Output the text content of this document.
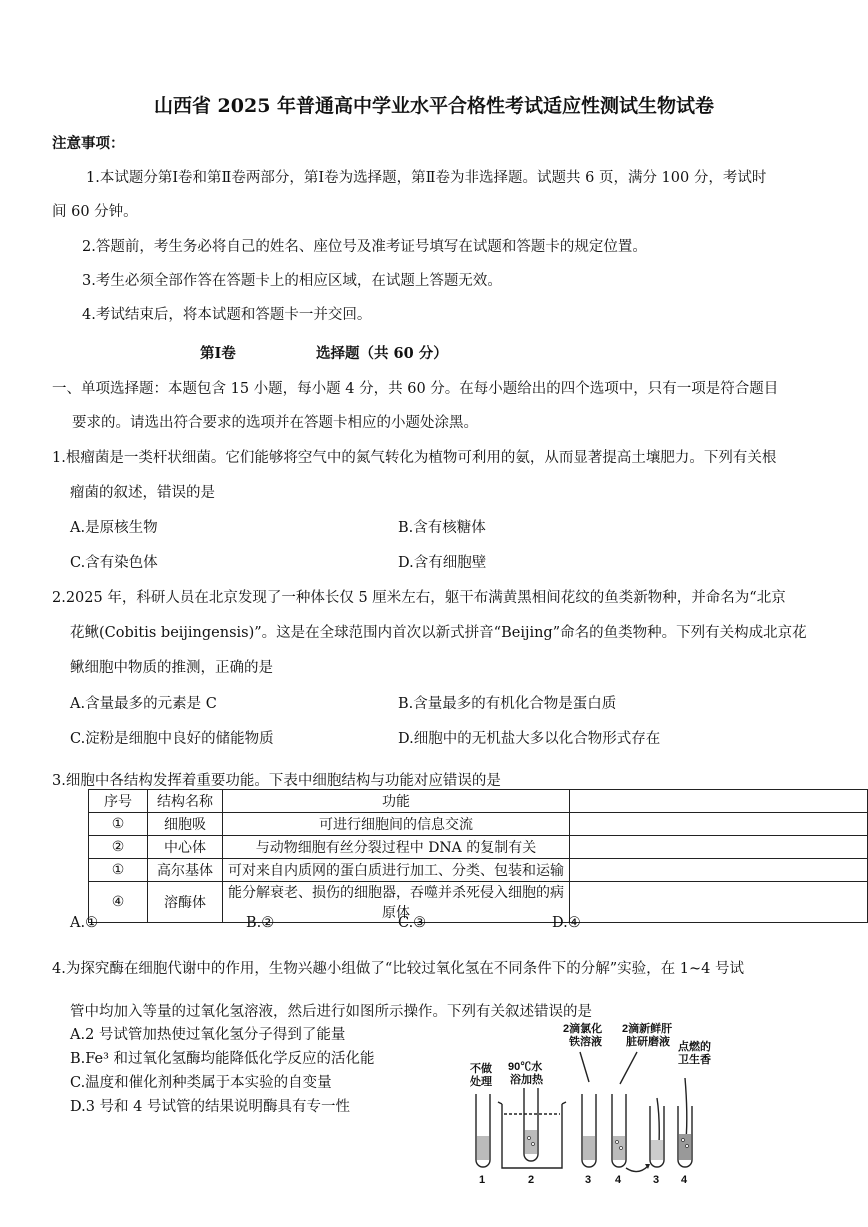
山西省 2025 年普通高中学业水平合格性考试适应性测试生物试卷
注意事项：
1.本试题分第Ⅰ卷和第Ⅱ卷两部分，第Ⅰ卷为选择题，第Ⅱ卷为非选择题。试题共 6 页，满分 100 分，考试时
间 60 分钟。
2.答题前，考生务必将自己的姓名、座位号及准考证号填写在试题和答题卡的规定位置。
3.考生必须全部作答在答题卡上的相应区域，在试题上答题无效。
4.考试结束后，将本试题和答题卡一并交回。
第Ⅰ卷	选择题（共 60 分）
一、单项选择题：本题包含 15 小题，每小题 4 分，共 60 分。在每小题给出的四个选项中，只有一项是符合题目
要求的。请选出符合要求的选项并在答题卡相应的小题处涂黑。
1.根瘤菌是一类杆状细菌。它们能够将空气中的氮气转化为植物可利用的氨，从而显著提高土壤肥力。下列有关根
瘤菌的叙述，错误的是
A.是原核生物	B.含有核糖体
C.含有染色体	D.含有细胞壁
2.2025 年，科研人员在北京发现了一种体长仅 5 厘米左右，躯干布满黄黑相间花纹的鱼类新物种，并命名为“北京
花鳅(Cobitis beijingensis)”。这是在全球范围内首次以新式拼音“Beijing”命名的鱼类物种。下列有关构成北京花
鳅细胞中物质的推测，正确的是
A.含量最多的元素是 C	B.含量最多的有机化合物是蛋白质
C.淀粉是细胞中良好的储能物质	D.细胞中的无机盐大多以化合物形式存在
3.细胞中各结构发挥着重要功能。下表中细胞结构与功能对应错误的是
序号	结构名称	功能	
①	细胞吸	可进行细胞间的信息交流	
②	中心体	与动物细胞有丝分裂过程中 DNA 的复制有关	
①	高尔基体	可对来自内质网的蛋白质进行加工、分类、包装和运输	
④	溶酶体	能分解衰老、损伤的细胞器，吞噬并杀死侵入细胞的病原体	
A.①	B.②	C.③	D.④
4.为探究酶在细胞代谢中的作用，生物兴趣小组做了“比较过氧化氢在不同条件下的分解”实验，在 1~4 号试
管中均加入等量的过氧化氢溶液，然后进行如图所示操作。下列有关叙述错误的是
A.2 号试管加热使过氧化氢分子得到了能量
B.Fe³ 和过氧化氢酶均能降低化学反应的活化能
C.温度和催化剂种类属于本实验的自变量
D.3 号和 4 号试管的结果说明酶具有专一性
2滴氯化
铁溶液
2滴新鲜肝
脏研磨液 点燃的
卫生香
不做
处理
90℃水
浴加热
1	2	3 4	3 4
